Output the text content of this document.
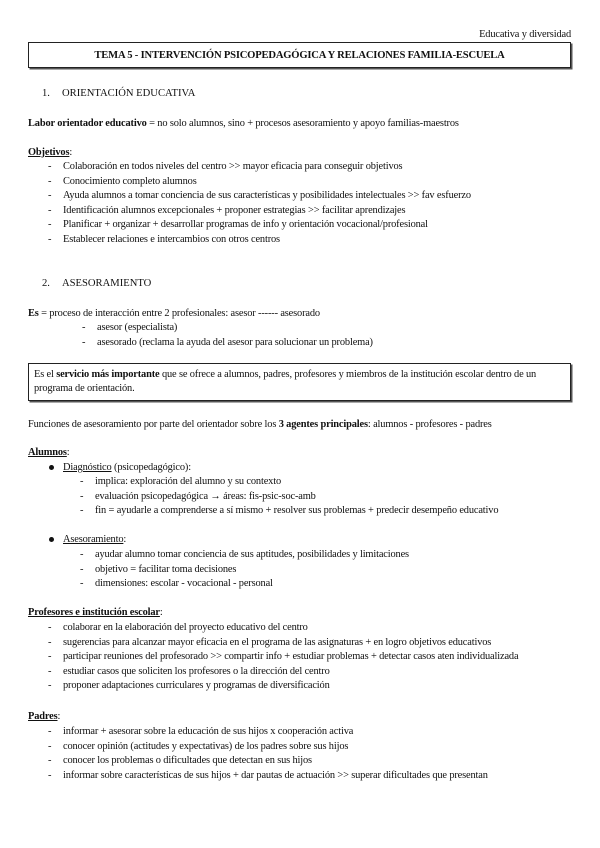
Educativa y diversidad
TEMA 5 - INTERVENCIÓN PSICOPEDAGÓGICA Y RELACIONES FAMILIA-ESCUELA
1. ORIENTACIÓN EDUCATIVA
Labor orientador educativo = no solo alumnos, sino + procesos asesoramiento y apoyo familias-maestros
Objetivos:
- Colaboración en todos niveles del centro >> mayor eficacia para conseguir objetivos
- Conocimiento completo alumnos
- Ayuda alumnos a tomar conciencia de sus características y posibilidades intelectuales >> fav esfuerzo
- Identificación alumnos excepcionales + proponer estrategias >> facilitar aprendizajes
- Planificar + organizar + desarrollar programas de info y orientación vocacional/profesional
- Establecer relaciones e intercambios con otros centros
2. ASESORAMIENTO
Es = proceso de interacción entre 2 profesionales: asesor ------ asesorado
- asesor (especialista)
- asesorado (reclama la ayuda del asesor para solucionar un problema)
Es el servicio más importante que se ofrece a alumnos, padres, profesores y miembros de la institución escolar dentro de un programa de orientación.
Funciones de asesoramiento por parte del orientador sobre los 3 agentes principales: alumnos - profesores - padres
Alumnos:
Diagnóstico (psicopedagógico):
- implica: exploración del alumno y su contexto
- evaluación psicopedagógica → áreas: fis-psic-soc-amb
- fin = ayudarle a comprenderse a sí mismo + resolver sus problemas + predecir desempeño educativo
Asesoramiento:
- ayudar alumno tomar conciencia de sus aptitudes, posibilidades y limitaciones
- objetivo = facilitar toma decisiones
- dimensiones: escolar - vocacional - personal
Profesores e institución escolar:
- colaborar en la elaboración del proyecto educativo del centro
- sugerencias para alcanzar mayor eficacia en el programa de las asignaturas + en logro objetivos educativos
- participar reuniones del profesorado >> compartir info + estudiar problemas + detectar casos aten individualizada
- estudiar casos que soliciten los profesores o la dirección del centro
- proponer adaptaciones curriculares y programas de diversificación
Padres:
- informar + asesorar sobre la educación de sus hijos x cooperación activa
- conocer opinión (actitudes y expectativas) de los padres sobre sus hijos
- conocer los problemas o dificultades que detectan en sus hijos
- informar sobre características de sus hijos + dar pautas de actuación >> superar dificultades que presentan
